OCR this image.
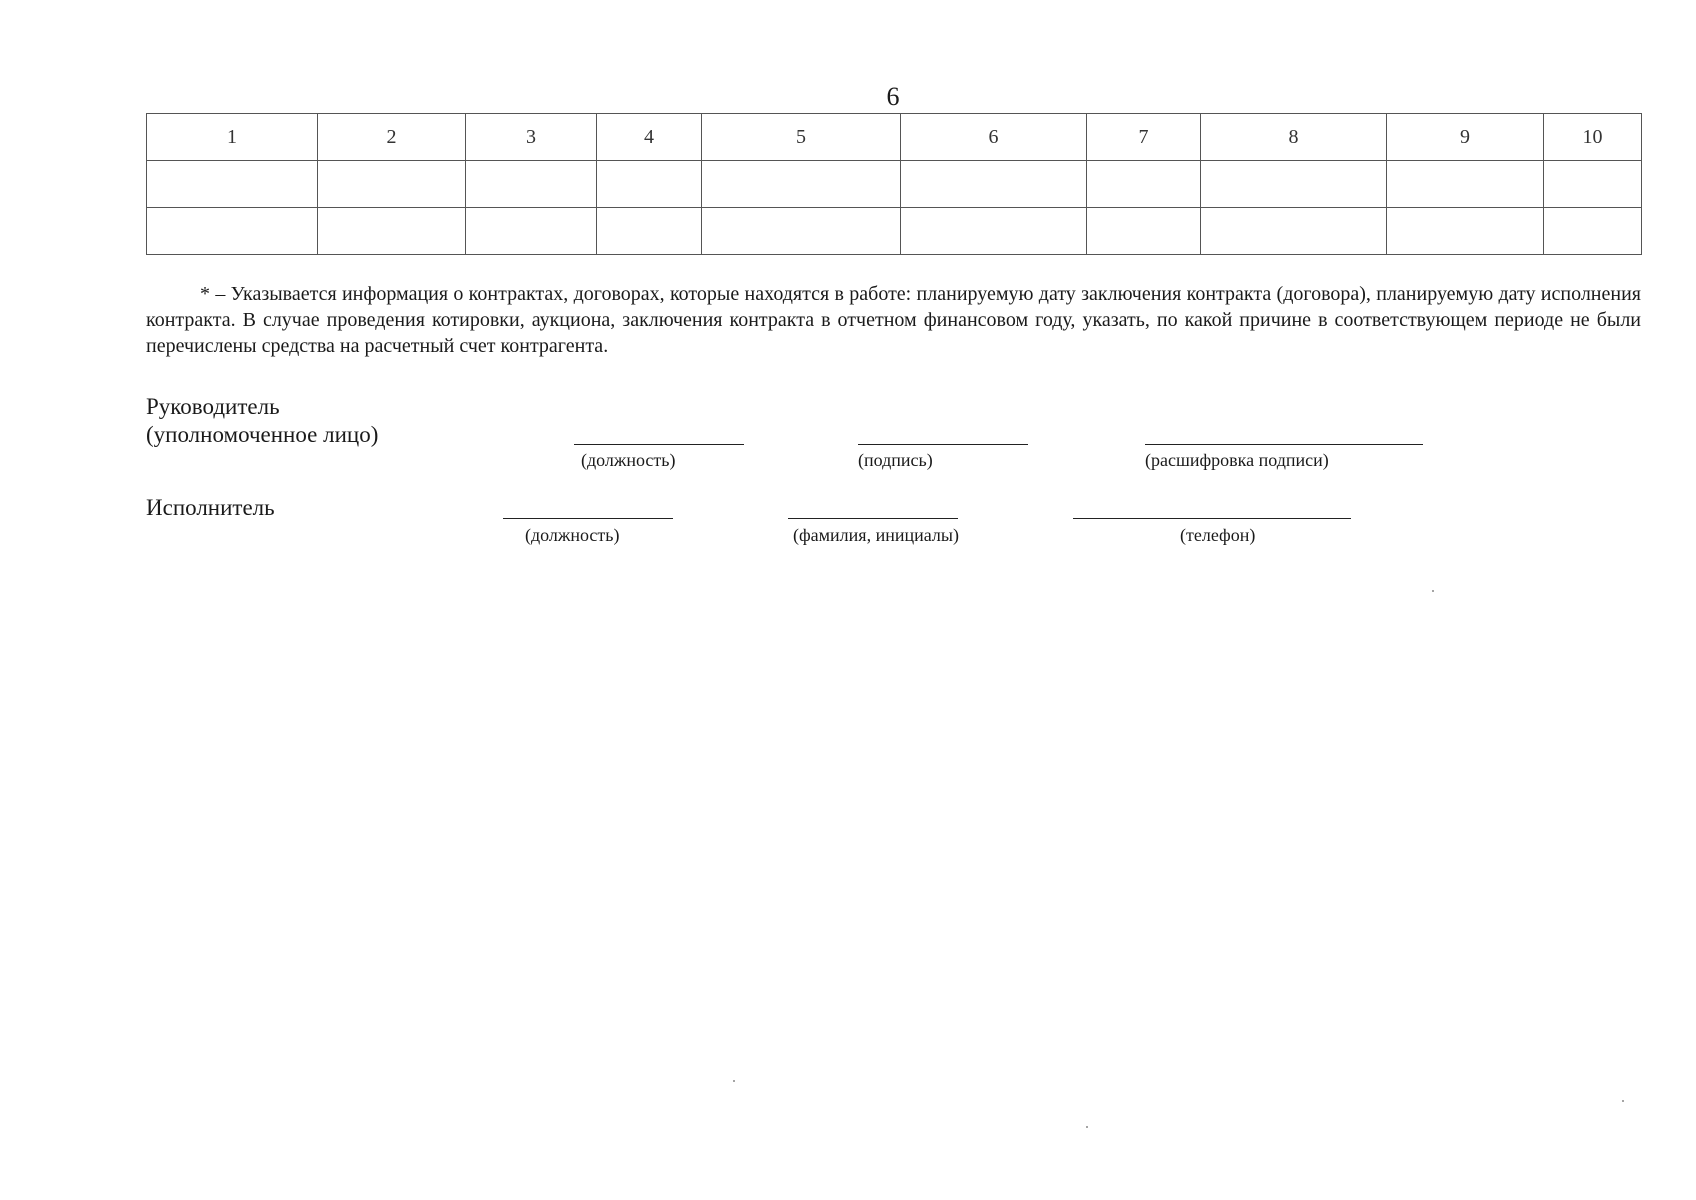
6
1	2	3	4	5	6	7	8	9	10

* – Указывается информация о контрактах, договорах, которые находятся в работе: планируемую дату заключения контракта (договора), планируемую дату исполнения контракта. В случае проведения котировки, аукциона, заключения контракта в отчетном финансовом году, указать, по какой причине в соответствующем периоде не были перечислены средства на расчетный счет контрагента.

Руководитель
(уполномоченное лицо)
(должность)	(подпись)	(расшифровка подписи)
Исполнитель
(должность)	(фамилия, инициалы)	(телефон)
